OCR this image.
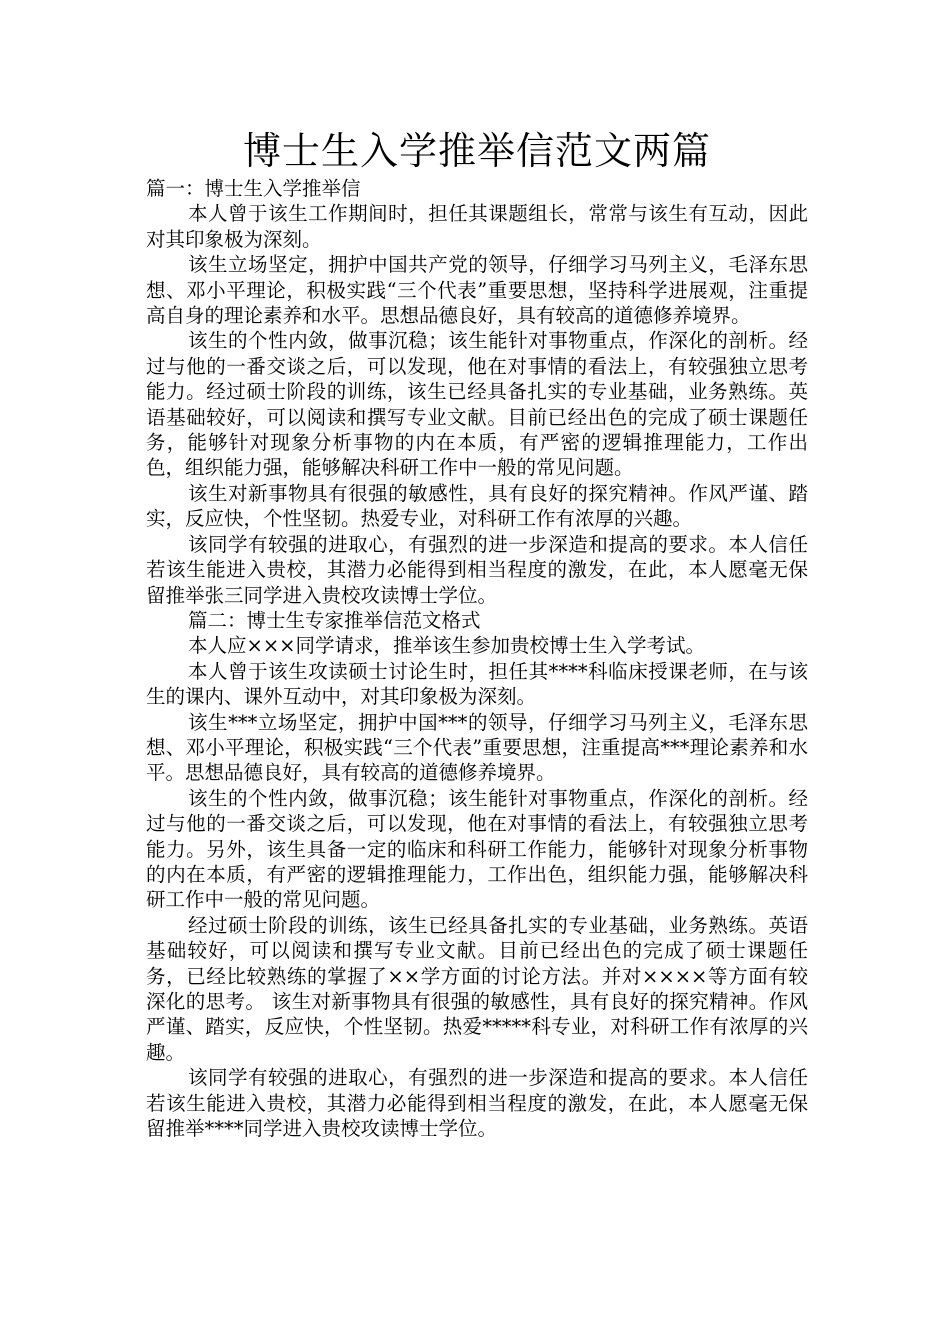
博士生入学推举信范文两篇

篇一：博士生入学推举信

本人曾于该生工作期间时，担任其课题组长，常常与该生有互动，因此对其印象极为深刻。

该生立场坚定，拥护中国共产党的领导，仔细学习马列主义，毛泽东思想、邓小平理论，积极实践“三个代表”重要思想，坚持科学进展观，注重提高自身的理论素养和水平。思想品德良好，具有较高的道德修养境界。

该生的个性内敛，做事沉稳；该生能针对事物重点，作深化的剖析。经过与他的一番交谈之后，可以发现，他在对事情的看法上，有较强独立思考能力。经过硕士阶段的训练，该生已经具备扎实的专业基础，业务熟练。英语基础较好，可以阅读和撰写专业文献。目前已经出色的完成了硕士课题任务，能够针对现象分析事物的内在本质，有严密的逻辑推理能力，工作出色，组织能力强，能够解决科研工作中一般的常见问题。

该生对新事物具有很强的敏感性，具有良好的探究精神。作风严谨、踏实，反应快，个性坚韧。热爱专业，对科研工作有浓厚的兴趣。

该同学有较强的进取心，有强烈的进一步深造和提高的要求。本人信任若该生能进入贵校，其潜力必能得到相当程度的激发，在此，本人愿毫无保留推举张三同学进入贵校攻读博士学位。

篇二：博士生专家推举信范文格式

本人应×××同学请求，推举该生参加贵校博士生入学考试。

本人曾于该生攻读硕士讨论生时，担任其****科临床授课老师，在与该生的课内、课外互动中，对其印象极为深刻。

该生***立场坚定，拥护中国***的领导，仔细学习马列主义，毛泽东思想、邓小平理论，积极实践“三个代表”重要思想，注重提高***理论素养和水平。思想品德良好，具有较高的道德修养境界。

该生的个性内敛，做事沉稳；该生能针对事物重点，作深化的剖析。经过与他的一番交谈之后，可以发现，他在对事情的看法上，有较强独立思考能力。另外，该生具备一定的临床和科研工作能力，能够针对现象分析事物的内在本质，有严密的逻辑推理能力，工作出色，组织能力强，能够解决科研工作中一般的常见问题。

经过硕士阶段的训练，该生已经具备扎实的专业基础，业务熟练。英语基础较好，可以阅读和撰写专业文献。目前已经出色的完成了硕士课题任务，已经比较熟练的掌握了××学方面的讨论方法。并对××××等方面有较深化的思考。 该生对新事物具有很强的敏感性，具有良好的探究精神。作风严谨、踏实，反应快，个性坚韧。热爱*****科专业，对科研工作有浓厚的兴趣。

该同学有较强的进取心，有强烈的进一步深造和提高的要求。本人信任若该生能进入贵校，其潜力必能得到相当程度的激发，在此，本人愿毫无保留推举****同学进入贵校攻读博士学位。
